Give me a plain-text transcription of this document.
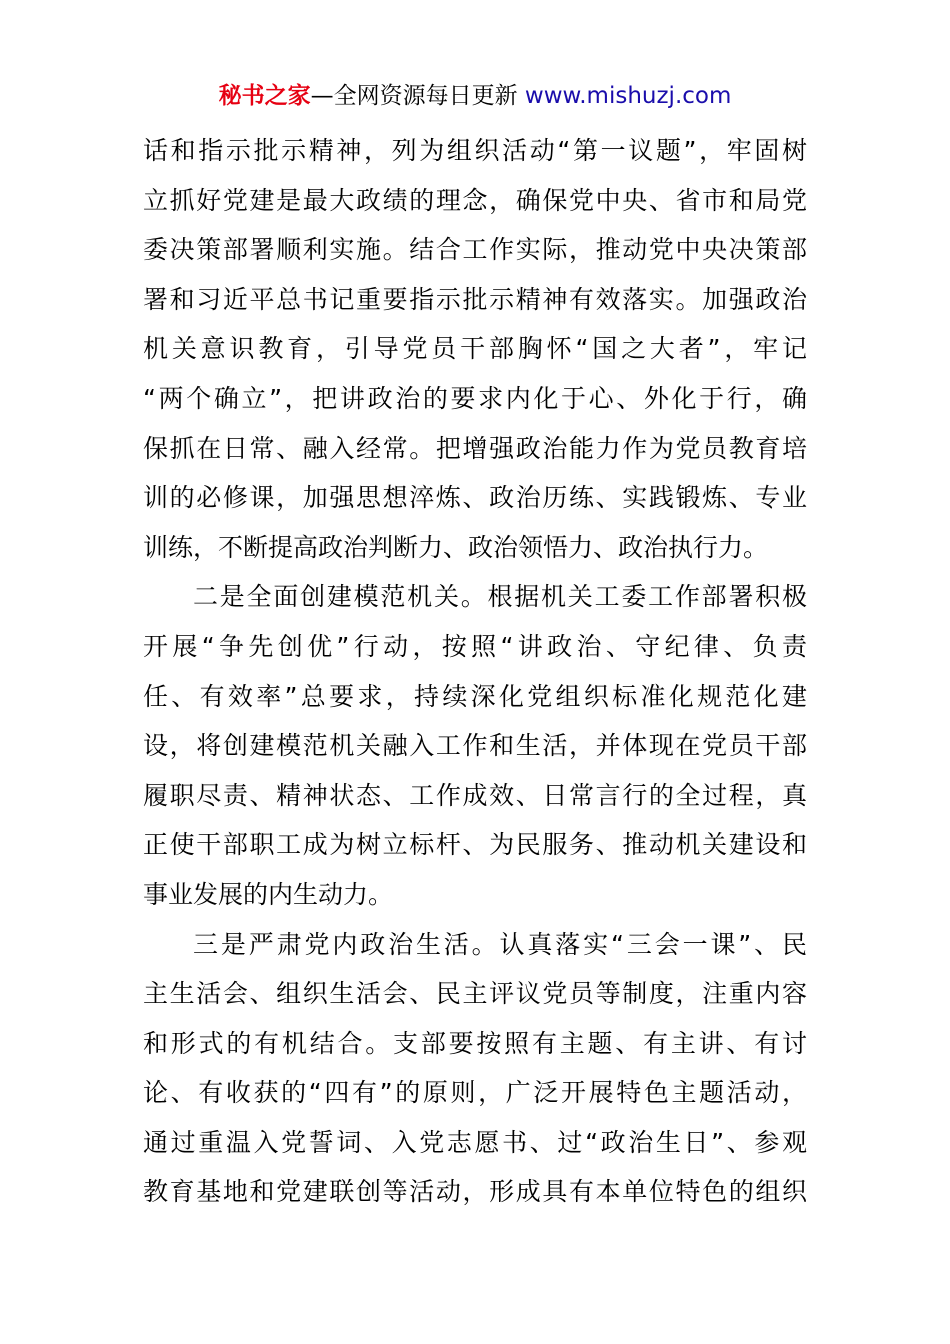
秘书之家—全网资源每日更新 www.mishuzj.com
话和指示批示精神，列为组织活动“第一议题”，牢固树
立抓好党建是最大政绩的理念，确保党中央、省市和局党
委决策部署顺利实施。结合工作实际，推动党中央决策部
署和习近平总书记重要指示批示精神有效落实。加强政治
机关意识教育，引导党员干部胸怀“国之大者”，牢记
“两个确立”，把讲政治的要求内化于心、外化于行，确
保抓在日常、融入经常。把增强政治能力作为党员教育培
训的必修课，加强思想淬炼、政治历练、实践锻炼、专业
训练，不断提高政治判断力、政治领悟力、政治执行力。
二是全面创建模范机关。根据机关工委工作部署积极
开展“争先创优”行动，按照“讲政治、守纪律、负责
任、有效率”总要求，持续深化党组织标准化规范化建
设，将创建模范机关融入工作和生活，并体现在党员干部
履职尽责、精神状态、工作成效、日常言行的全过程，真
正使干部职工成为树立标杆、为民服务、推动机关建设和
事业发展的内生动力。
三是严肃党内政治生活。认真落实“三会一课”、民
主生活会、组织生活会、民主评议党员等制度，注重内容
和形式的有机结合。支部要按照有主题、有主讲、有讨
论、有收获的“四有”的原则，广泛开展特色主题活动，
通过重温入党誓词、入党志愿书、过“政治生日”、参观
教育基地和党建联创等活动，形成具有本单位特色的组织
